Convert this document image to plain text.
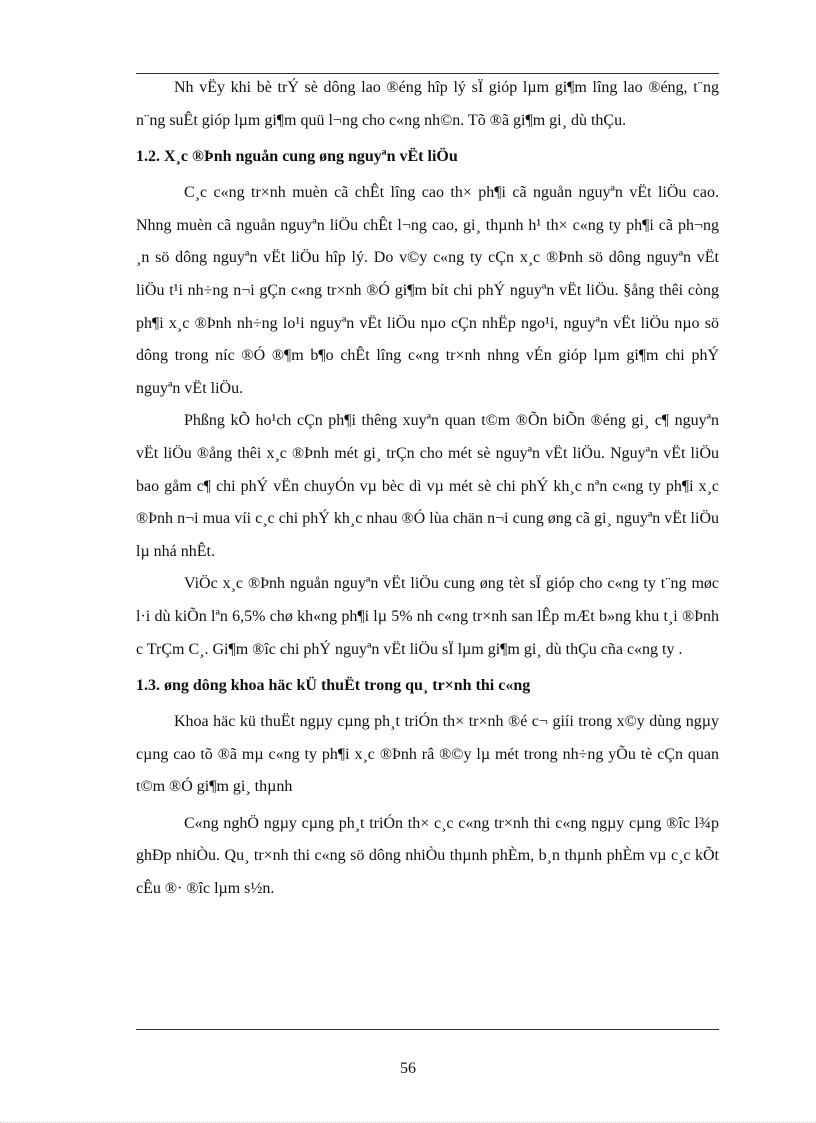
Nh vËy khi bè trÝ sè dông lao ®éng hîp lý sÏ gióp lµm gi¶m lîng lao ®éng, t¨ng n¨ng suÊt gióp lµm gi¶m quü l¬ng cho c«ng nh©n. Tõ ®ã gi¶m gi¸ dù thÇu.

1.2. X¸c ®Þnh nguån cung øng nguyªn vËt liÖu

C¸c c«ng tr×nh muèn cã chÊt lîng cao th× ph¶i cã nguån nguyªn vËt liÖu cao. Nhng muèn cã nguån nguyªn liÖu chÊt l¬ng cao, gi¸ thµnh h¹ th× c«ng ty ph¶i cã ph¬ng ¸n sö dông nguyªn vËt liÖu hîp lý. Do v©y c«ng ty cÇn x¸c ®Þnh sö dông nguyªn vËt liÖu t¹i nh÷ng n¬i gÇn c«ng tr×nh ®Ó gi¶m bít chi phÝ nguyªn vËt liÖu. §ång thêi còng ph¶i x¸c ®Þnh nh÷ng lo¹i nguyªn vËt liÖu nµo cÇn nhËp ngo¹i, nguyªn vËt liÖu nµo sö dông trong níc ®Ó ®¶m b¶o chÊt lîng c«ng tr×nh nhng vÉn gióp lµm gi¶m chi phÝ nguyªn vËt liÖu.

Phßng kÕ ho¹ch cÇn ph¶i thêng xuyªn quan t©m ®Õn biÕn ®éng gi¸ c¶ nguyªn vËt liÖu ®ång thêi x¸c ®Þnh mét gi¸ trÇn cho mét sè nguyªn vËt liÖu. Nguyªn vËt liÖu bao gåm c¶ chi phÝ vËn chuyÓn vµ bèc dì vµ mét sè chi phÝ kh¸c nªn c«ng ty ph¶i x¸c ®Þnh n¬i mua víi c¸c chi phÝ kh¸c nhau ®Ó lùa chän n¬i cung øng cã gi¸ nguyªn vËt liÖu lµ nhá nhÊt.

ViÖc x¸c ®Þnh nguån nguyªn vËt liÖu cung øng tèt sÏ gióp cho c«ng ty t¨ng møc l·i dù kiÕn lªn 6,5% chø kh«ng ph¶i lµ 5% nh c«ng tr×nh san lÊp mÆt b»ng khu t¸i ®Þnh c TrÇm C¸. Gi¶m ®îc chi phÝ nguyªn vËt liÖu sÏ lµm gi¶m gi¸ dù thÇu cña c«ng ty .

1.3. øng dông khoa häc kÜ thuËt trong qu¸ tr×nh thi c«ng

Khoa häc kü thuËt ngµy cµng ph¸t triÓn th× tr×nh ®é c¬ giíi trong x©y dùng ngµy cµng cao tõ ®ã mµ c«ng ty ph¶i x¸c ®Þnh râ ®©y lµ mét trong nh÷ng yÕu tè cÇn quan t©m ®Ó gi¶m gi¸ thµnh

C«ng nghÖ ngµy cµng ph¸t triÓn th× c¸c c«ng tr×nh thi c«ng ngµy cµng ®îc l¾p ghÐp nhiÒu. Qu¸ tr×nh thi c«ng sö dông nhiÒu thµnh phÈm, b¸n thµnh phÈm vµ c¸c kÕt cÊu ®· ®îc lµm s½n.

56
